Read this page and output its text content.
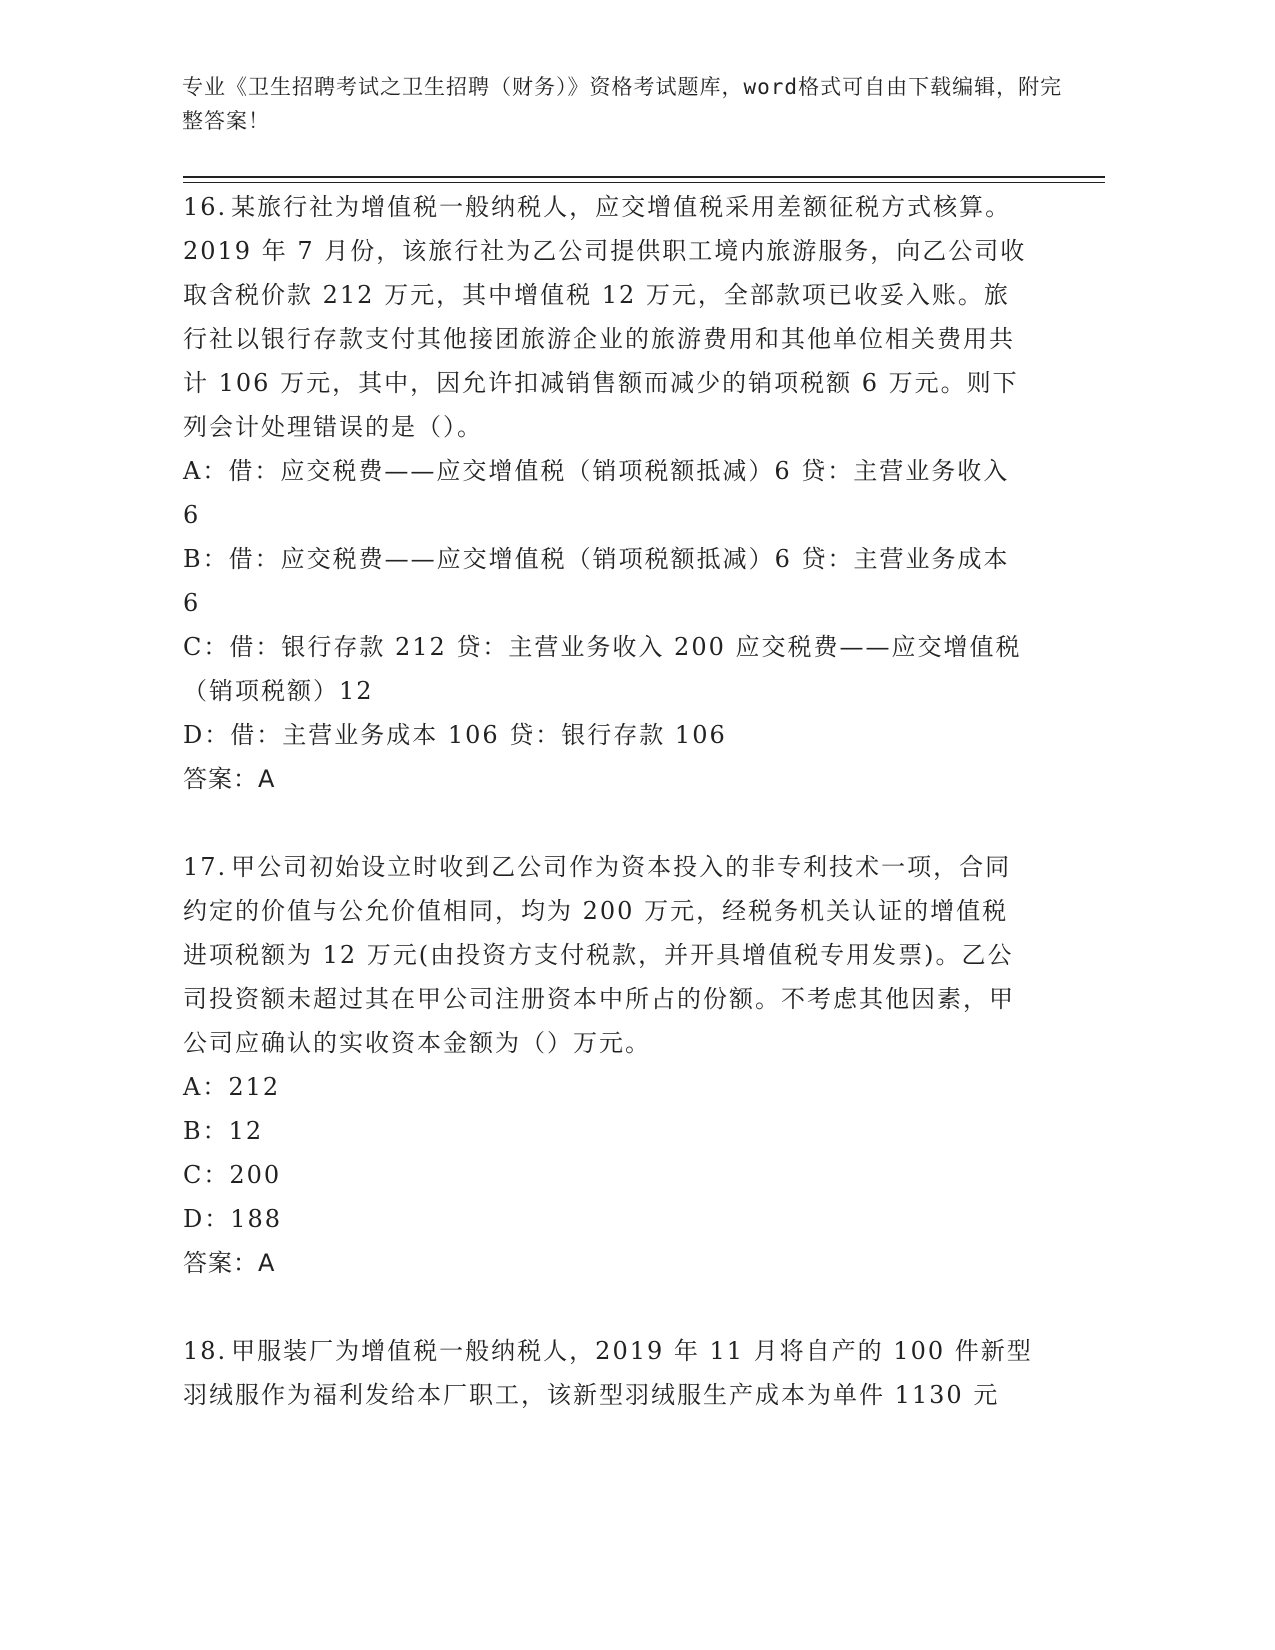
专业《卫生招聘考试之卫生招聘（财务）》资格考试题库，word格式可自由下载编辑，附完整答案！

16. 某旅行社为增值税一般纳税人，应交增值税采用差额征税方式核算。2019 年 7 月份，该旅行社为乙公司提供职工境内旅游服务，向乙公司收取含税价款 212 万元，其中增值税 12 万元，全部款项已收妥入账。旅行社以银行存款支付其他接团旅游企业的旅游费用和其他单位相关费用共计 106 万元，其中，因允许扣减销售额而减少的销项税额 6 万元。则下列会计处理错误的是（）。

A：借：应交税费——应交增值税（销项税额抵减）6 贷：主营业务收入 6

B：借：应交税费——应交增值税（销项税额抵减）6 贷：主营业务成本 6

C：借：银行存款 212 贷：主营业务收入 200 应交税费——应交增值税（销项税额）12

D：借：主营业务成本 106 贷：银行存款 106

答案：A

17. 甲公司初始设立时收到乙公司作为资本投入的非专利技术一项，合同约定的价值与公允价值相同，均为 200 万元，经税务机关认证的增值税进项税额为 12 万元(由投资方支付税款，并开具增值税专用发票)。乙公司投资额未超过其在甲公司注册资本中所占的份额。不考虑其他因素，甲公司应确认的实收资本金额为（）万元。

A：212

B：12

C：200

D：188

答案：A

18. 甲服装厂为增值税一般纳税人，2019 年 11 月将自产的 100 件新型羽绒服作为福利发给本厂职工，该新型羽绒服生产成本为单件 1130 元
